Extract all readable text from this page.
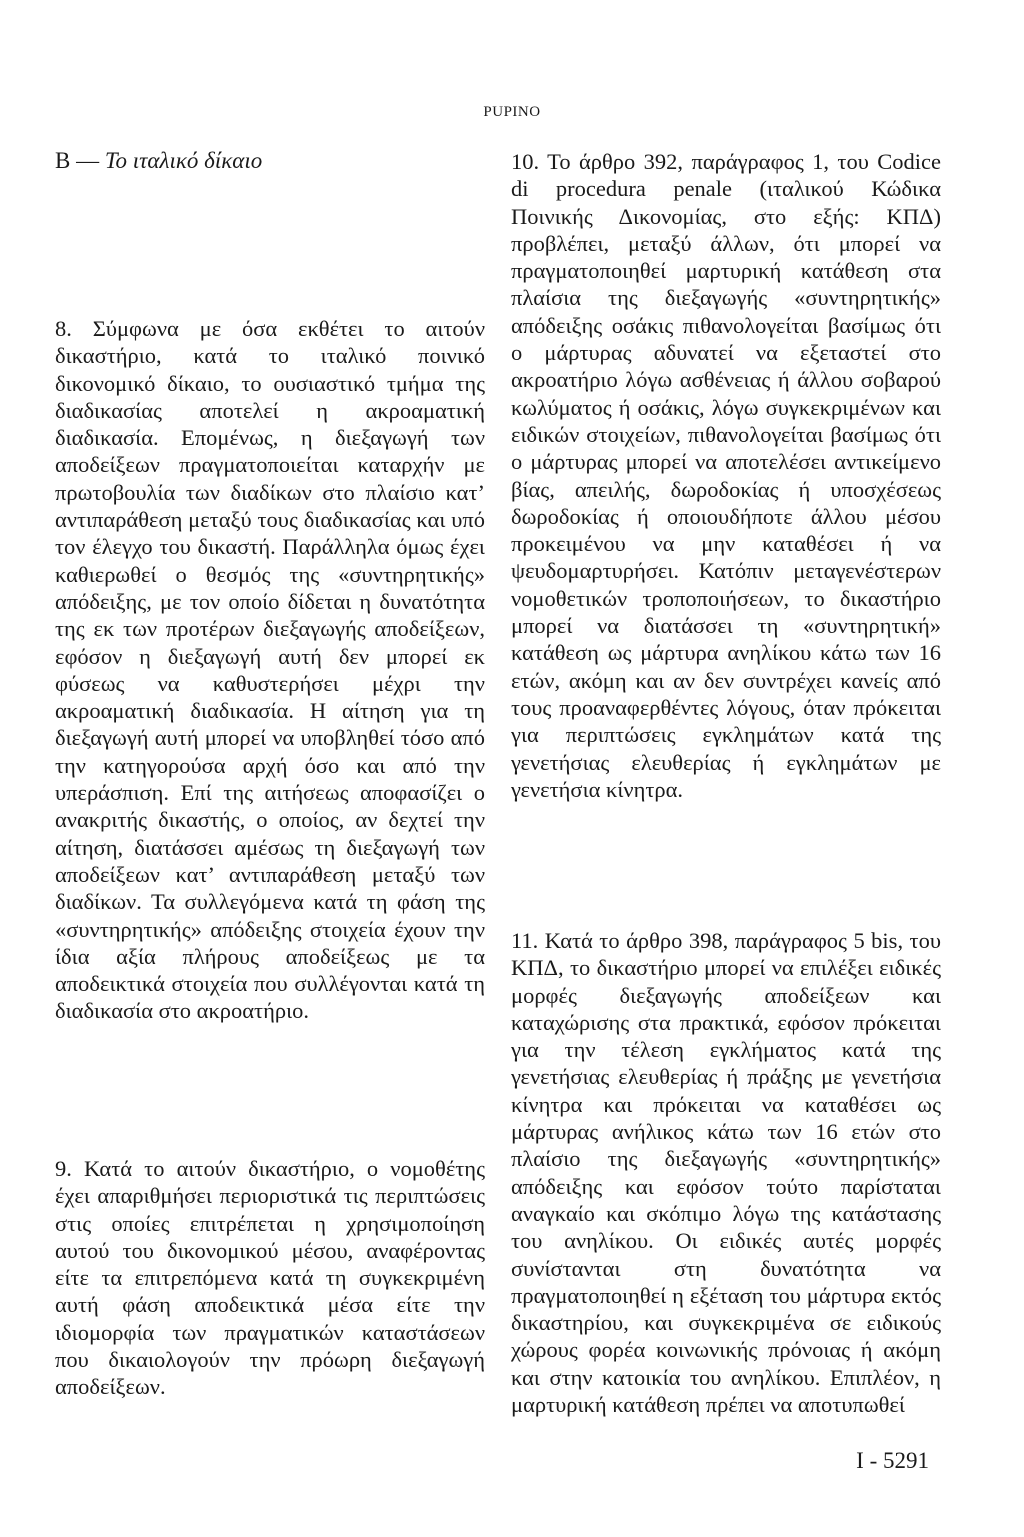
PUPINO
B — Το ιταλικό δίκαιο

8. Σύμφωνα με όσα εκθέτει το αιτούν δικαστήριο, κατά το ιταλικό ποινικό δικονομικό δίκαιο, το ουσιαστικό τμήμα της διαδικασίας αποτελεί η ακροαματική διαδικασία. Επομένως, η διεξαγωγή των αποδείξεων πραγματοποιείται καταρχήν με πρωτοβουλία των διαδίκων στο πλαίσιο κατ’ αντιπαράθεση μεταξύ τους διαδικασίας και υπό τον έλεγχο του δικαστή. Παράλληλα όμως έχει καθιερωθεί ο θεσμός της «συντηρητικής» απόδειξης, με τον οποίο δίδεται η δυνατότητα της εκ των προτέρων διεξαγωγής αποδείξεων, εφόσον η διεξαγωγή αυτή δεν μπορεί εκ φύσεως να καθυστερήσει μέχρι την ακροαματική διαδικασία. Η αίτηση για τη διεξαγωγή αυτή μπορεί να υποβληθεί τόσο από την κατηγορούσα αρχή όσο και από την υπεράσπιση. Επί της αιτήσεως αποφασίζει ο ανακριτής δικαστής, ο οποίος, αν δεχτεί την αίτηση, διατάσσει αμέσως τη διεξαγωγή των αποδείξεων κατ’ αντιπαράθεση μεταξύ των διαδίκων. Τα συλλεγόμενα κατά τη φάση της «συντηρητικής» απόδειξης στοιχεία έχουν την ίδια αξία πλήρους αποδείξεως με τα αποδεικτικά στοιχεία που συλλέγονται κατά τη διαδικασία στο ακροατήριο.

9. Κατά το αιτούν δικαστήριο, ο νομοθέτης έχει απαριθμήσει περιοριστικά τις περιπτώσεις στις οποίες επιτρέπεται η χρησιμοποίηση αυτού του δικονομικού μέσου, αναφέροντας είτε τα επιτρεπόμενα κατά τη συγκεκριμένη αυτή φάση αποδεικτικά μέσα είτε την ιδιομορφία των πραγματικών καταστάσεων που δικαιολογούν την πρόωρη διεξαγωγή αποδείξεων.

10. Το άρθρο 392, παράγραφος 1, του Codice di procedura penale (ιταλικού Κώδικα Ποινικής Δικονομίας, στο εξής: ΚΠΔ) προβλέπει, μεταξύ άλλων, ότι μπορεί να πραγματοποιηθεί μαρτυρική κατάθεση στα πλαίσια της διεξαγωγής «συντηρητικής» απόδειξης οσάκις πιθανολογείται βασίμως ότι ο μάρτυρας αδυνατεί να εξεταστεί στο ακροατήριο λόγω ασθένειας ή άλλου σοβαρού κωλύματος ή οσάκις, λόγω συγκεκριμένων και ειδικών στοιχείων, πιθανολογείται βασίμως ότι ο μάρτυρας μπορεί να αποτελέσει αντικείμενο βίας, απειλής, δωροδοκίας ή υποσχέσεως δωροδοκίας ή οποιουδήποτε άλλου μέσου προκειμένου να μην καταθέσει ή να ψευδομαρτυρήσει. Κατόπιν μεταγενέστερων νομοθετικών τροποποιήσεων, το δικαστήριο μπορεί να διατάσσει τη «συντηρητική» κατάθεση ως μάρτυρα ανηλίκου κάτω των 16 ετών, ακόμη και αν δεν συντρέχει κανείς από τους προαναφερθέντες λόγους, όταν πρόκειται για περιπτώσεις εγκλημάτων κατά της γενετήσιας ελευθερίας ή εγκλημάτων με γενετήσια κίνητρα.

11. Κατά το άρθρο 398, παράγραφος 5 bis, του ΚΠΔ, το δικαστήριο μπορεί να επιλέξει ειδικές μορφές διεξαγωγής αποδείξεων και καταχώρισης στα πρακτικά, εφόσον πρόκειται για την τέλεση εγκλήματος κατά της γενετήσιας ελευθερίας ή πράξης με γενετήσια κίνητρα και πρόκειται να καταθέσει ως μάρτυρας ανήλικος κάτω των 16 ετών στο πλαίσιο της διεξαγωγής «συντηρητικής» απόδειξης και εφόσον τούτο παρίσταται αναγκαίο και σκόπιμο λόγω της κατάστασης του ανηλίκου. Οι ειδικές αυτές μορφές συνίστανται στη δυνατότητα να πραγματοποιηθεί η εξέταση του μάρτυρα εκτός δικαστηρίου, και συγκεκριμένα σε ειδικούς χώρους φορέα κοινωνικής πρόνοιας ή ακόμη και στην κατοικία του ανηλίκου. Επιπλέον, η μαρτυρική κατάθεση πρέπει να αποτυπωθεί

I - 5291
